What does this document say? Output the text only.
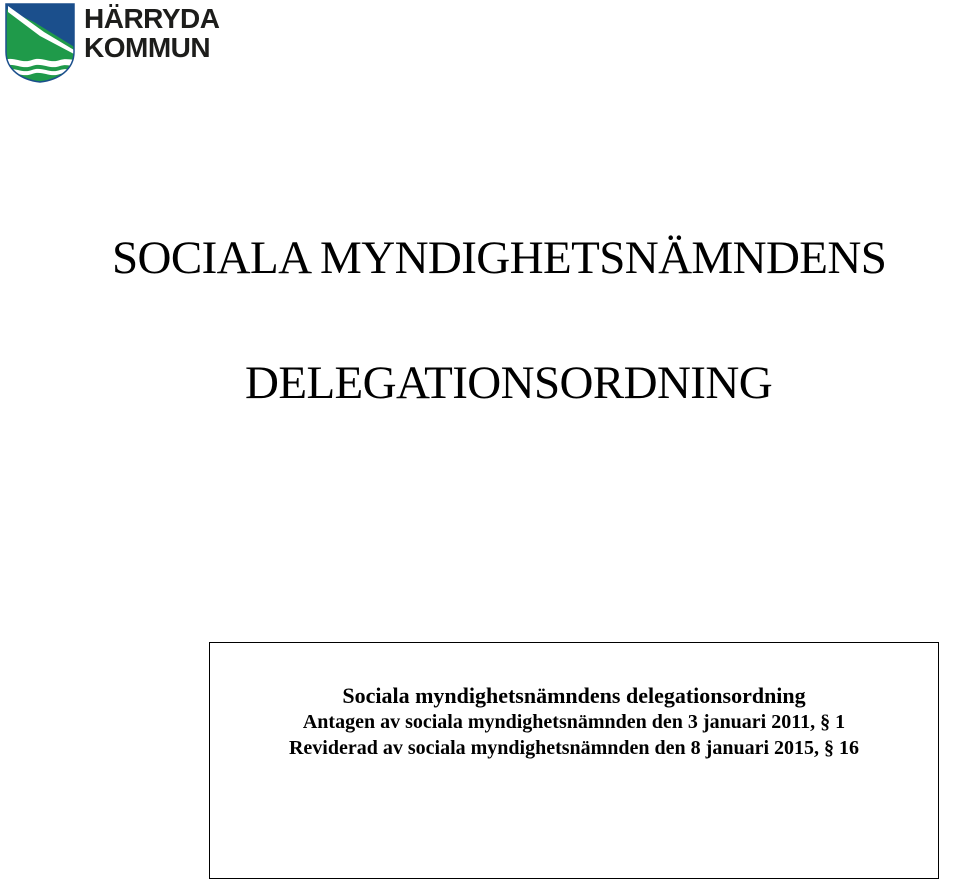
HÄRRYDA
KOMMUN
SOCIALA MYNDIGHETSNÄMNDENS
DELEGATIONSORDNING
Sociala myndighetsnämndens delegationsordning
Antagen av sociala myndighetsnämnden den 3 januari 2011, § 1
Reviderad av sociala myndighetsnämnden den 8 januari 2015, § 16
